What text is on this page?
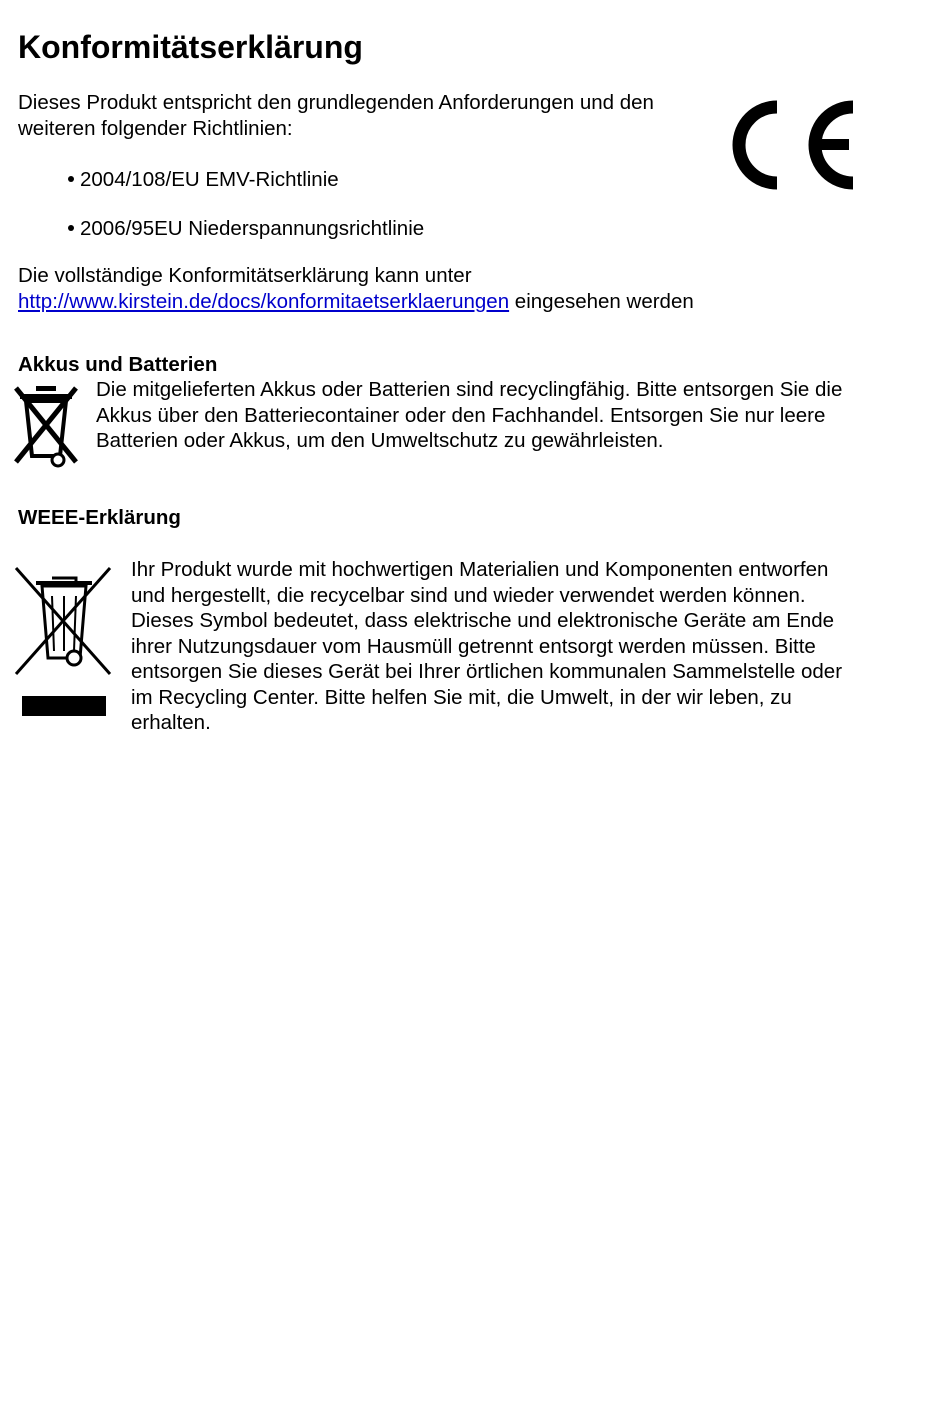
Konformitätserklärung
Dieses Produkt entspricht den grundlegenden Anforderungen und den
weiteren folgender Richtlinien:
2004/108/EU EMV-Richtlinie
2006/95EU Niederspannungsrichtlinie
Die vollständige Konformitätserklärung kann unter
http://www.kirstein.de/docs/konformitaetserklaerungen eingesehen werden
Akkus und Batterien
Die mitgelieferten Akkus oder Batterien sind recyclingfähig. Bitte entsorgen Sie die
Akkus über den Batteriecontainer oder den Fachhandel. Entsorgen Sie nur leere
Batterien oder Akkus, um den Umweltschutz zu gewährleisten.
WEEE-Erklärung
Ihr Produkt wurde mit hochwertigen Materialien und Komponenten entworfen
und hergestellt, die recycelbar sind und wieder verwendet werden können.
Dieses Symbol bedeutet, dass elektrische und elektronische Geräte am Ende
ihrer Nutzungsdauer vom Hausmüll getrennt entsorgt werden müssen. Bitte
entsorgen Sie dieses Gerät bei Ihrer örtlichen kommunalen Sammelstelle oder
im Recycling Center. Bitte helfen Sie mit, die Umwelt, in der wir leben, zu
erhalten.
